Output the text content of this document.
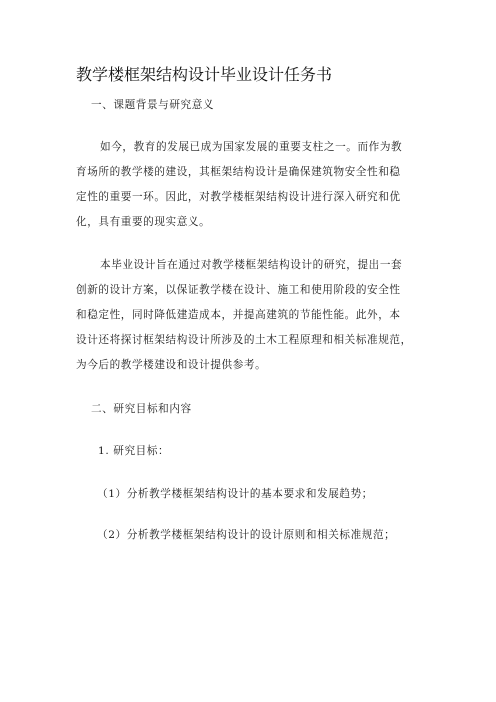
教学楼框架结构设计毕业设计任务书
一、课题背景与研究意义
如今，教育的发展已成为国家发展的重要支柱之一。而作为教
育场所的教学楼的建设，其框架结构设计是确保建筑物安全性和稳
定性的重要一环。因此，对教学楼框架结构设计进行深入研究和优
化，具有重要的现实意义。
本毕业设计旨在通过对教学楼框架结构设计的研究，提出一套
创新的设计方案，以保证教学楼在设计、施工和使用阶段的安全性
和稳定性，同时降低建造成本，并提高建筑的节能性能。此外，本
设计还将探讨框架结构设计所涉及的土木工程原理和相关标准规范，
为今后的教学楼建设和设计提供参考。
二、研究目标和内容
1. 研究目标：
（1）分析教学楼框架结构设计的基本要求和发展趋势；
（2）分析教学楼框架结构设计的设计原则和相关标准规范；
